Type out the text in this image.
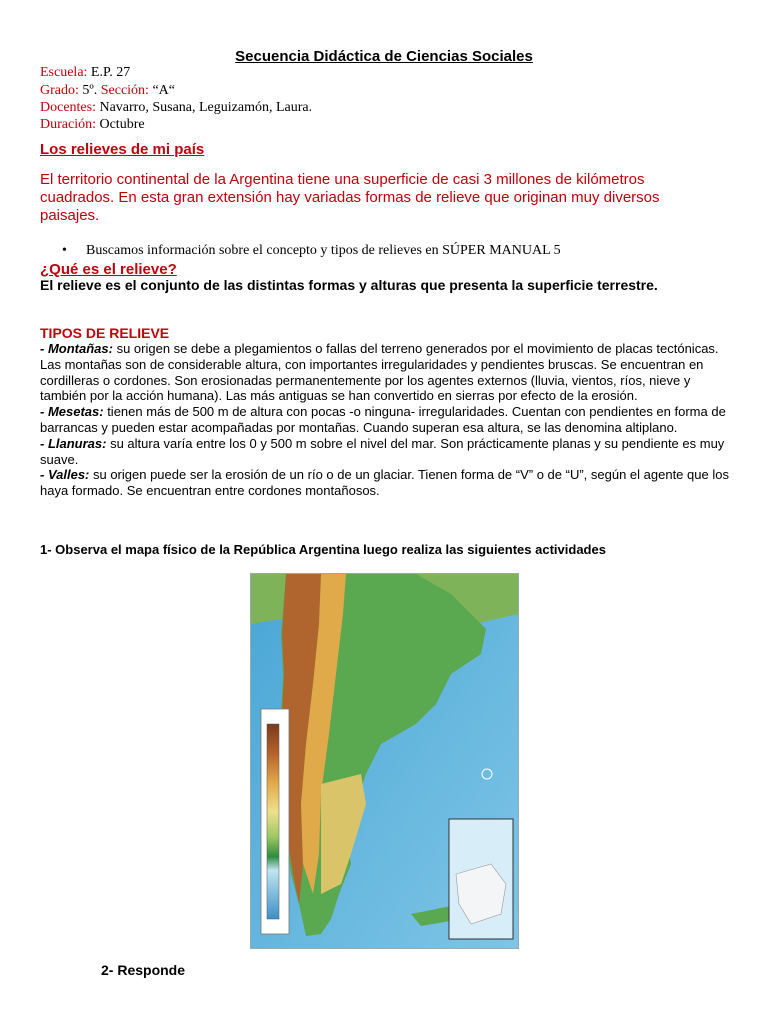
Secuencia Didáctica de Ciencias Sociales
Escuela: E.P. 27
Grado: 5º. Sección: “A“
Docentes: Navarro, Susana, Leguizamón, Laura.
Duración: Octubre
Los relieves de mi país
El territorio continental de la Argentina tiene una superficie de casi 3 millones de kilómetros cuadrados. En esta gran extensión hay variadas formas de relieve que originan muy diversos paisajes.
• Buscamos información sobre el concepto y tipos de relieves en SÚPER MANUAL 5
¿Qué es el relieve?
El relieve es el conjunto de las distintas formas y alturas que presenta la superficie terrestre.
TIPOS DE RELIEVE

- Montañas: su origen se debe a plegamientos o fallas del terreno generados por el movimiento de placas tectónicas. Las montañas son de considerable altura, con importantes irregularidades y pendientes bruscas. Se encuentran en cordilleras o cordones. Son erosionadas permanentemente por los agentes externos (lluvia, vientos, ríos, nieve y también por la acción humana). Las más antiguas se han convertido en sierras por efecto de la erosión.

- Mesetas: tienen más de 500 m de altura con pocas -o ninguna- irregularidades. Cuentan con pendientes en forma de barrancas y pueden estar acompañadas por montañas. Cuando superan esa altura, se las denomina altiplano.

- Llanuras: su altura varía entre los 0 y 500 m sobre el nivel del mar. Son prácticamente planas y su pendiente es muy suave.

- Valles: su origen puede ser la erosión de un río o de un glaciar. Tienen forma de “V” o de “U”, según el agente que los haya formado. Se encuentran entre cordones montañosos.

1- Observa el mapa físico de la República Argentina luego realiza las siguientes actividades
2- Responde
